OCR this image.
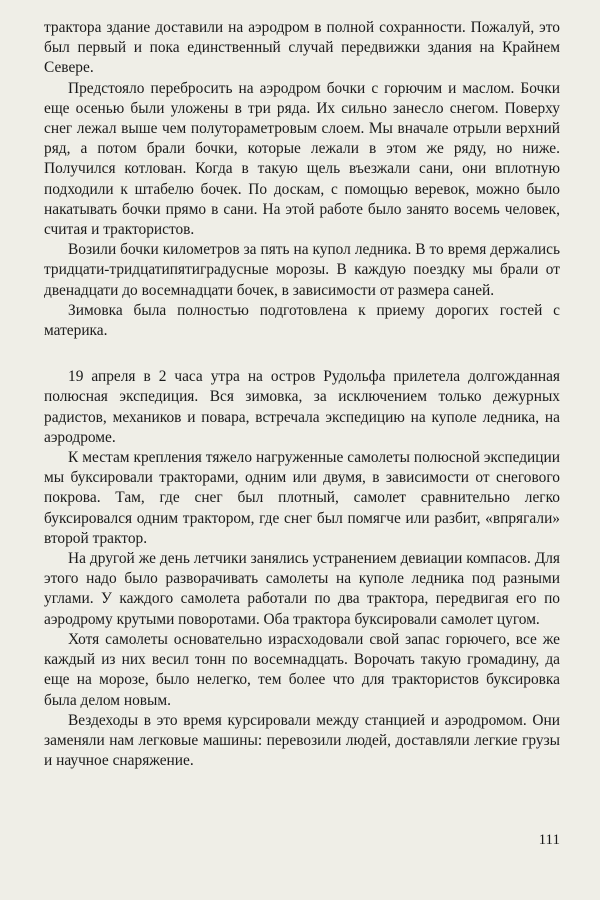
трактора здание доставили на аэродром в полной сохранности. Пожалуй, это был первый и пока единственный случай передвижки здания на Крайнем Севере.

Предстояло перебросить на аэродром бочки с горючим и маслом. Бочки еще осенью были уложены в три ряда. Их сильно занесло снегом. Поверху снег лежал выше чем полутораметровым слоем. Мы вначале отрыли верхний ряд, а потом брали бочки, которые лежали в этом же ряду, но ниже. Получился котлован. Когда в такую щель въезжали сани, они вплотную подходили к штабелю бочек. По доскам, с помощью веревок, можно было накатывать бочки прямо в сани. На этой работе было занято восемь человек, считая и трактористов.

Возили бочки километров за пять на купол ледника. В то время держались тридцати-тридцатипятиградусные морозы. В каждую поездку мы брали от двенадцати до восемнадцати бочек, в зависимости от размера саней.

Зимовка была полностью подготовлена к приему дорогих гостей с материка.

19 апреля в 2 часа утра на остров Рудольфа прилетела долгожданная полюсная экспедиция. Вся зимовка, за исключением только дежурных радистов, механиков и повара, встречала экспедицию на куполе ледника, на аэродроме.

К местам крепления тяжело нагруженные самолеты полюсной экспедиции мы буксировали тракторами, одним или двумя, в зависимости от снегового покрова. Там, где снег был плотный, самолет сравнительно легко буксировался одним трактором, где снег был помягче или разбит, «впрягали» второй трактор.

На другой же день летчики занялись устранением девиации компасов. Для этого надо было разворачивать самолеты на куполе ледника под разными углами. У каждого самолета работали по два трактора, передвигая его по аэродрому крутыми поворотами. Оба трактора буксировали самолет цугом.

Хотя самолеты основательно израсходовали свой запас горючего, все же каждый из них весил тонн по восемнадцать. Ворочать такую громадину, да еще на морозе, было нелегко, тем более что для трактористов буксировка была делом новым.

Вездеходы в это время курсировали между станцией и аэродромом. Они заменяли нам легковые машины: перевозили людей, доставляли легкие грузы и научное снаряжение.

111
